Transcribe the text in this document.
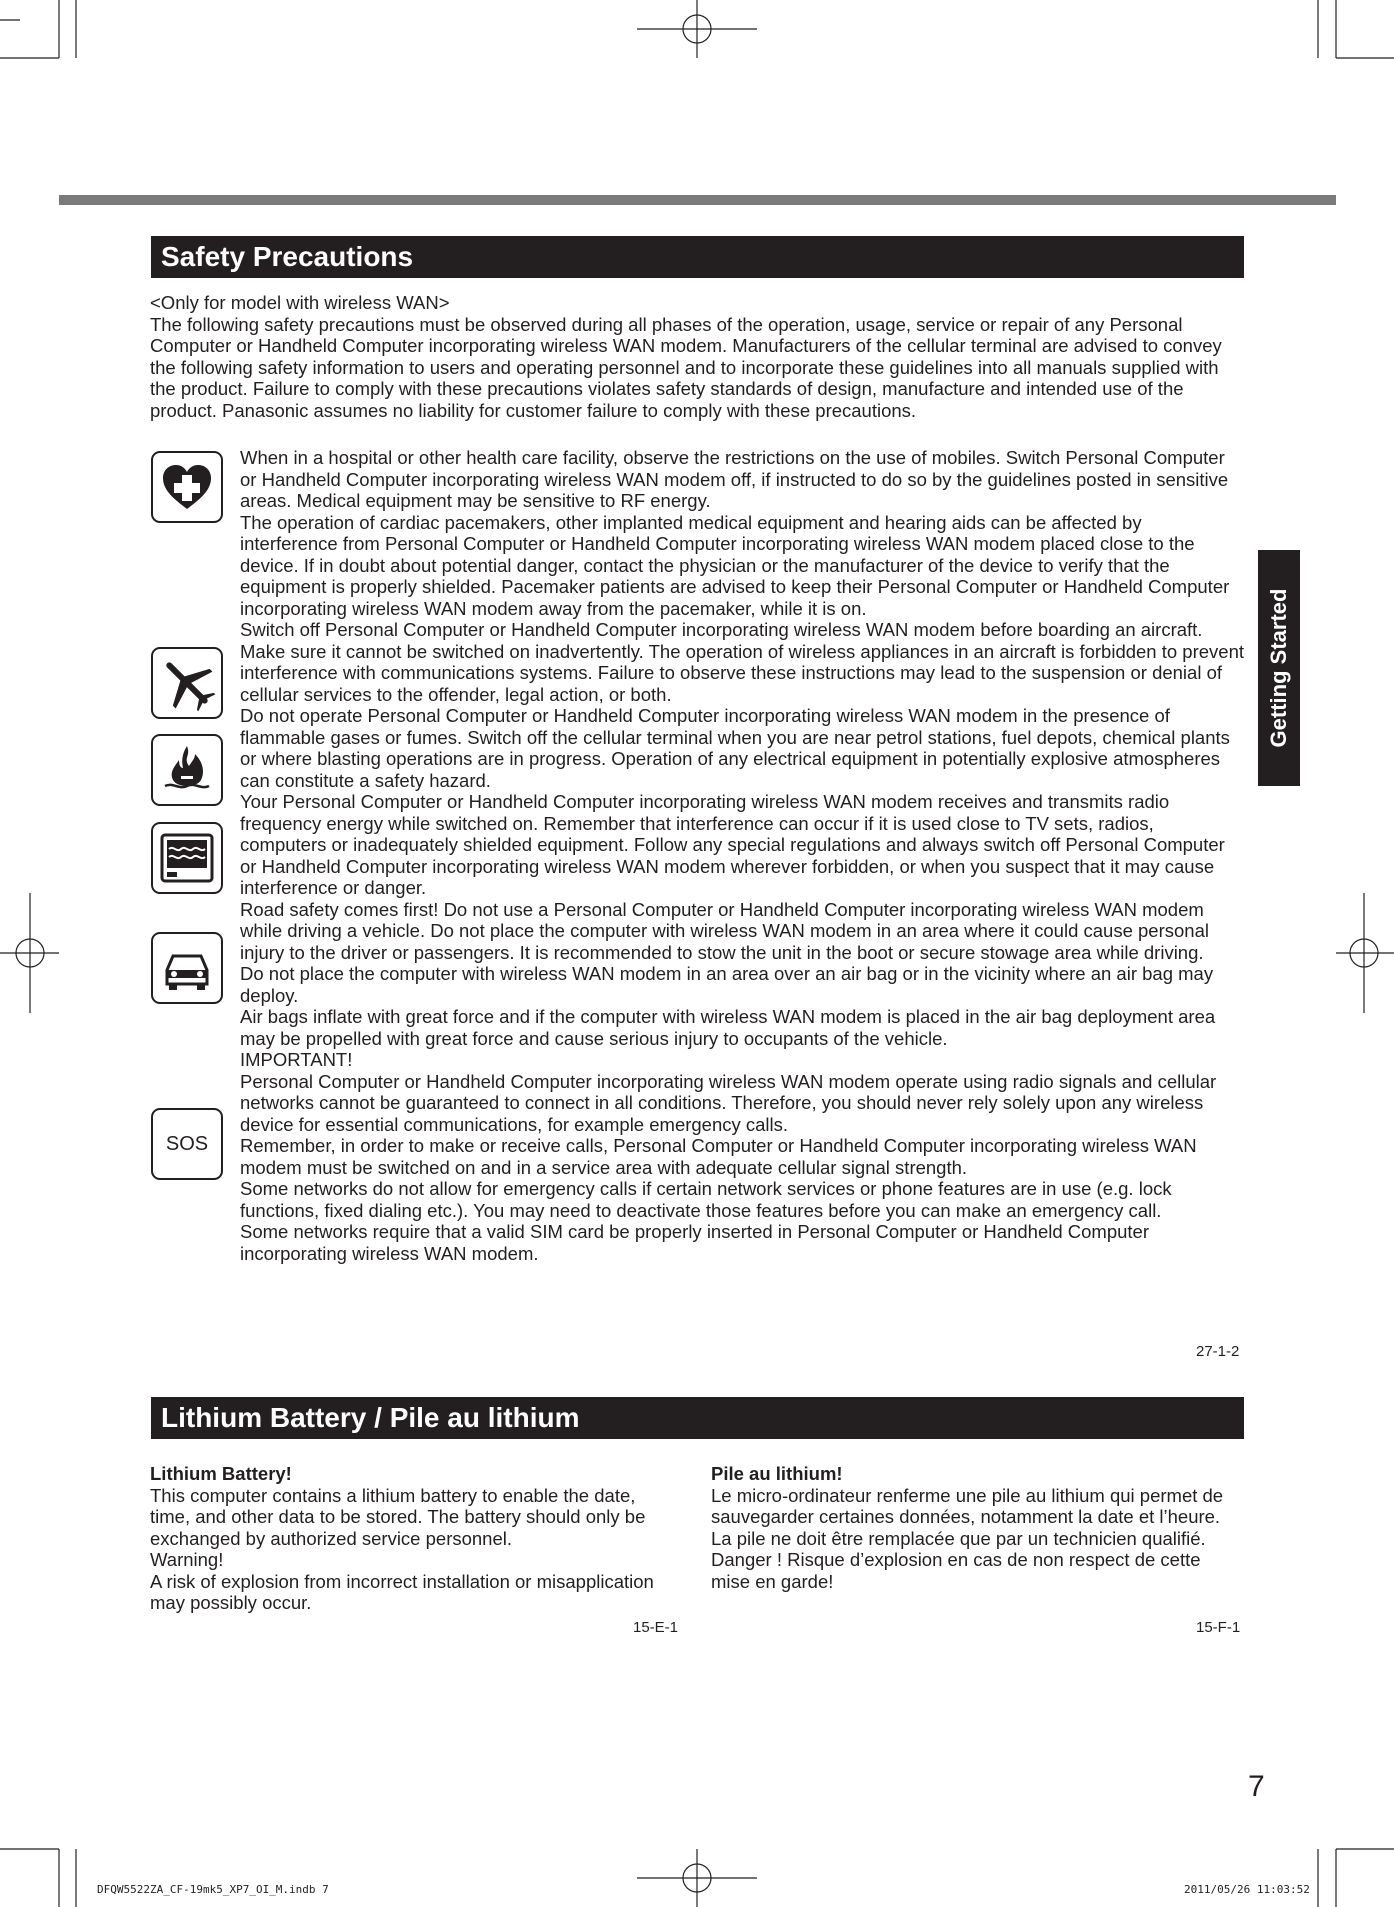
Getting Started
Safety Precautions

<Only for model with wireless WAN>

The following safety precautions must be observed during all phases of the operation, usage, service or repair of any Personal Computer or Handheld Computer incorporating wireless WAN modem. Manufacturers of the cellular terminal are advised to convey the following safety information to users and operating personnel and to incorporate these guidelines into all manuals supplied with the product. Failure to comply with these precautions violates safety standards of design, manufacture and intended use of the product. Panasonic assumes no liability for customer failure to comply with these precautions.

SOS

When in a hospital or other health care facility, observe the restrictions on the use of mobiles. Switch Personal Computer or Handheld Computer incorporating wireless WAN modem off, if instructed to do so by the guidelines posted in sensitive areas. Medical equipment may be sensitive to RF energy.

The operation of cardiac pacemakers, other implanted medical equipment and hearing aids can be affected by interference from Personal Computer or Handheld Computer incorporating wireless WAN modem placed close to the device. If in doubt about potential danger, contact the physician or the manufacturer of the device to verify that the equipment is properly shielded. Pacemaker patients are advised to keep their Personal Computer or Handheld Computer incorporating wireless WAN modem away from the pacemaker, while it is on.

Switch off Personal Computer or Handheld Computer incorporating wireless WAN modem before boarding an aircraft. Make sure it cannot be switched on inadvertently. The operation of wireless appliances in an aircraft is forbidden to prevent interference with communications systems. Failure to observe these instructions may lead to the suspension or denial of cellular services to the offender, legal action, or both.

Do not operate Personal Computer or Handheld Computer incorporating wireless WAN modem in the presence of flammable gases or fumes. Switch off the cellular terminal when you are near petrol stations, fuel depots, chemical plants or where blasting operations are in progress. Operation of any electrical equipment in potentially explosive atmospheres can constitute a safety hazard.

Your Personal Computer or Handheld Computer incorporating wireless WAN modem receives and transmits radio frequency energy while switched on. Remember that interference can occur if it is used close to TV sets, radios, computers or inadequately shielded equipment. Follow any special regulations and always switch off Personal Computer or Handheld Computer incorporating wireless WAN modem wherever forbidden, or when you suspect that it may cause interference or danger.

Road safety comes first! Do not use a Personal Computer or Handheld Computer incorporating wireless WAN modem while driving a vehicle. Do not place the computer with wireless WAN modem in an area where it could cause personal injury to the driver or passengers. It is recommended to stow the unit in the boot or secure stowage area while driving.

Do not place the computer with wireless WAN modem in an area over an air bag or in the vicinity where an air bag may deploy.

Air bags inflate with great force and if the computer with wireless WAN modem is placed in the air bag deployment area may be propelled with great force and cause serious injury to occupants of the vehicle.

IMPORTANT!

Personal Computer or Handheld Computer incorporating wireless WAN modem operate using radio signals and cellular networks cannot be guaranteed to connect in all conditions. Therefore, you should never rely solely upon any wireless device for essential communications, for example emergency calls.

Remember, in order to make or receive calls, Personal Computer or Handheld Computer incorporating wireless WAN modem must be switched on and in a service area with adequate cellular signal strength.

Some networks do not allow for emergency calls if certain network services or phone features are in use (e.g. lock functions, fixed dialing etc.). You may need to deactivate those features before you can make an emergency call.

Some networks require that a valid SIM card be properly inserted in Personal Computer or Handheld Computer incorporating wireless WAN modem.

27-1-2
Lithium Battery / Pile au lithium

Lithium Battery!

This computer contains a lithium battery to enable the date, time, and other data to be stored. The battery should only be exchanged by authorized service personnel.

Warning!

A risk of explosion from incorrect installation or misapplication may possibly occur.

15-E-1

Pile au lithium!

Le micro-ordinateur renferme une pile au lithium qui permet de sauvegarder certaines données, notamment la date et l’heure. La pile ne doit être remplacée que par un technicien qualifié.

Danger ! Risque d’explosion en cas de non respect de cette mise en garde!

15-F-1
7
DFQW5522ZA_CF-19mk5_XP7_OI_M.indb 7	2011/05/26 11:03:52
